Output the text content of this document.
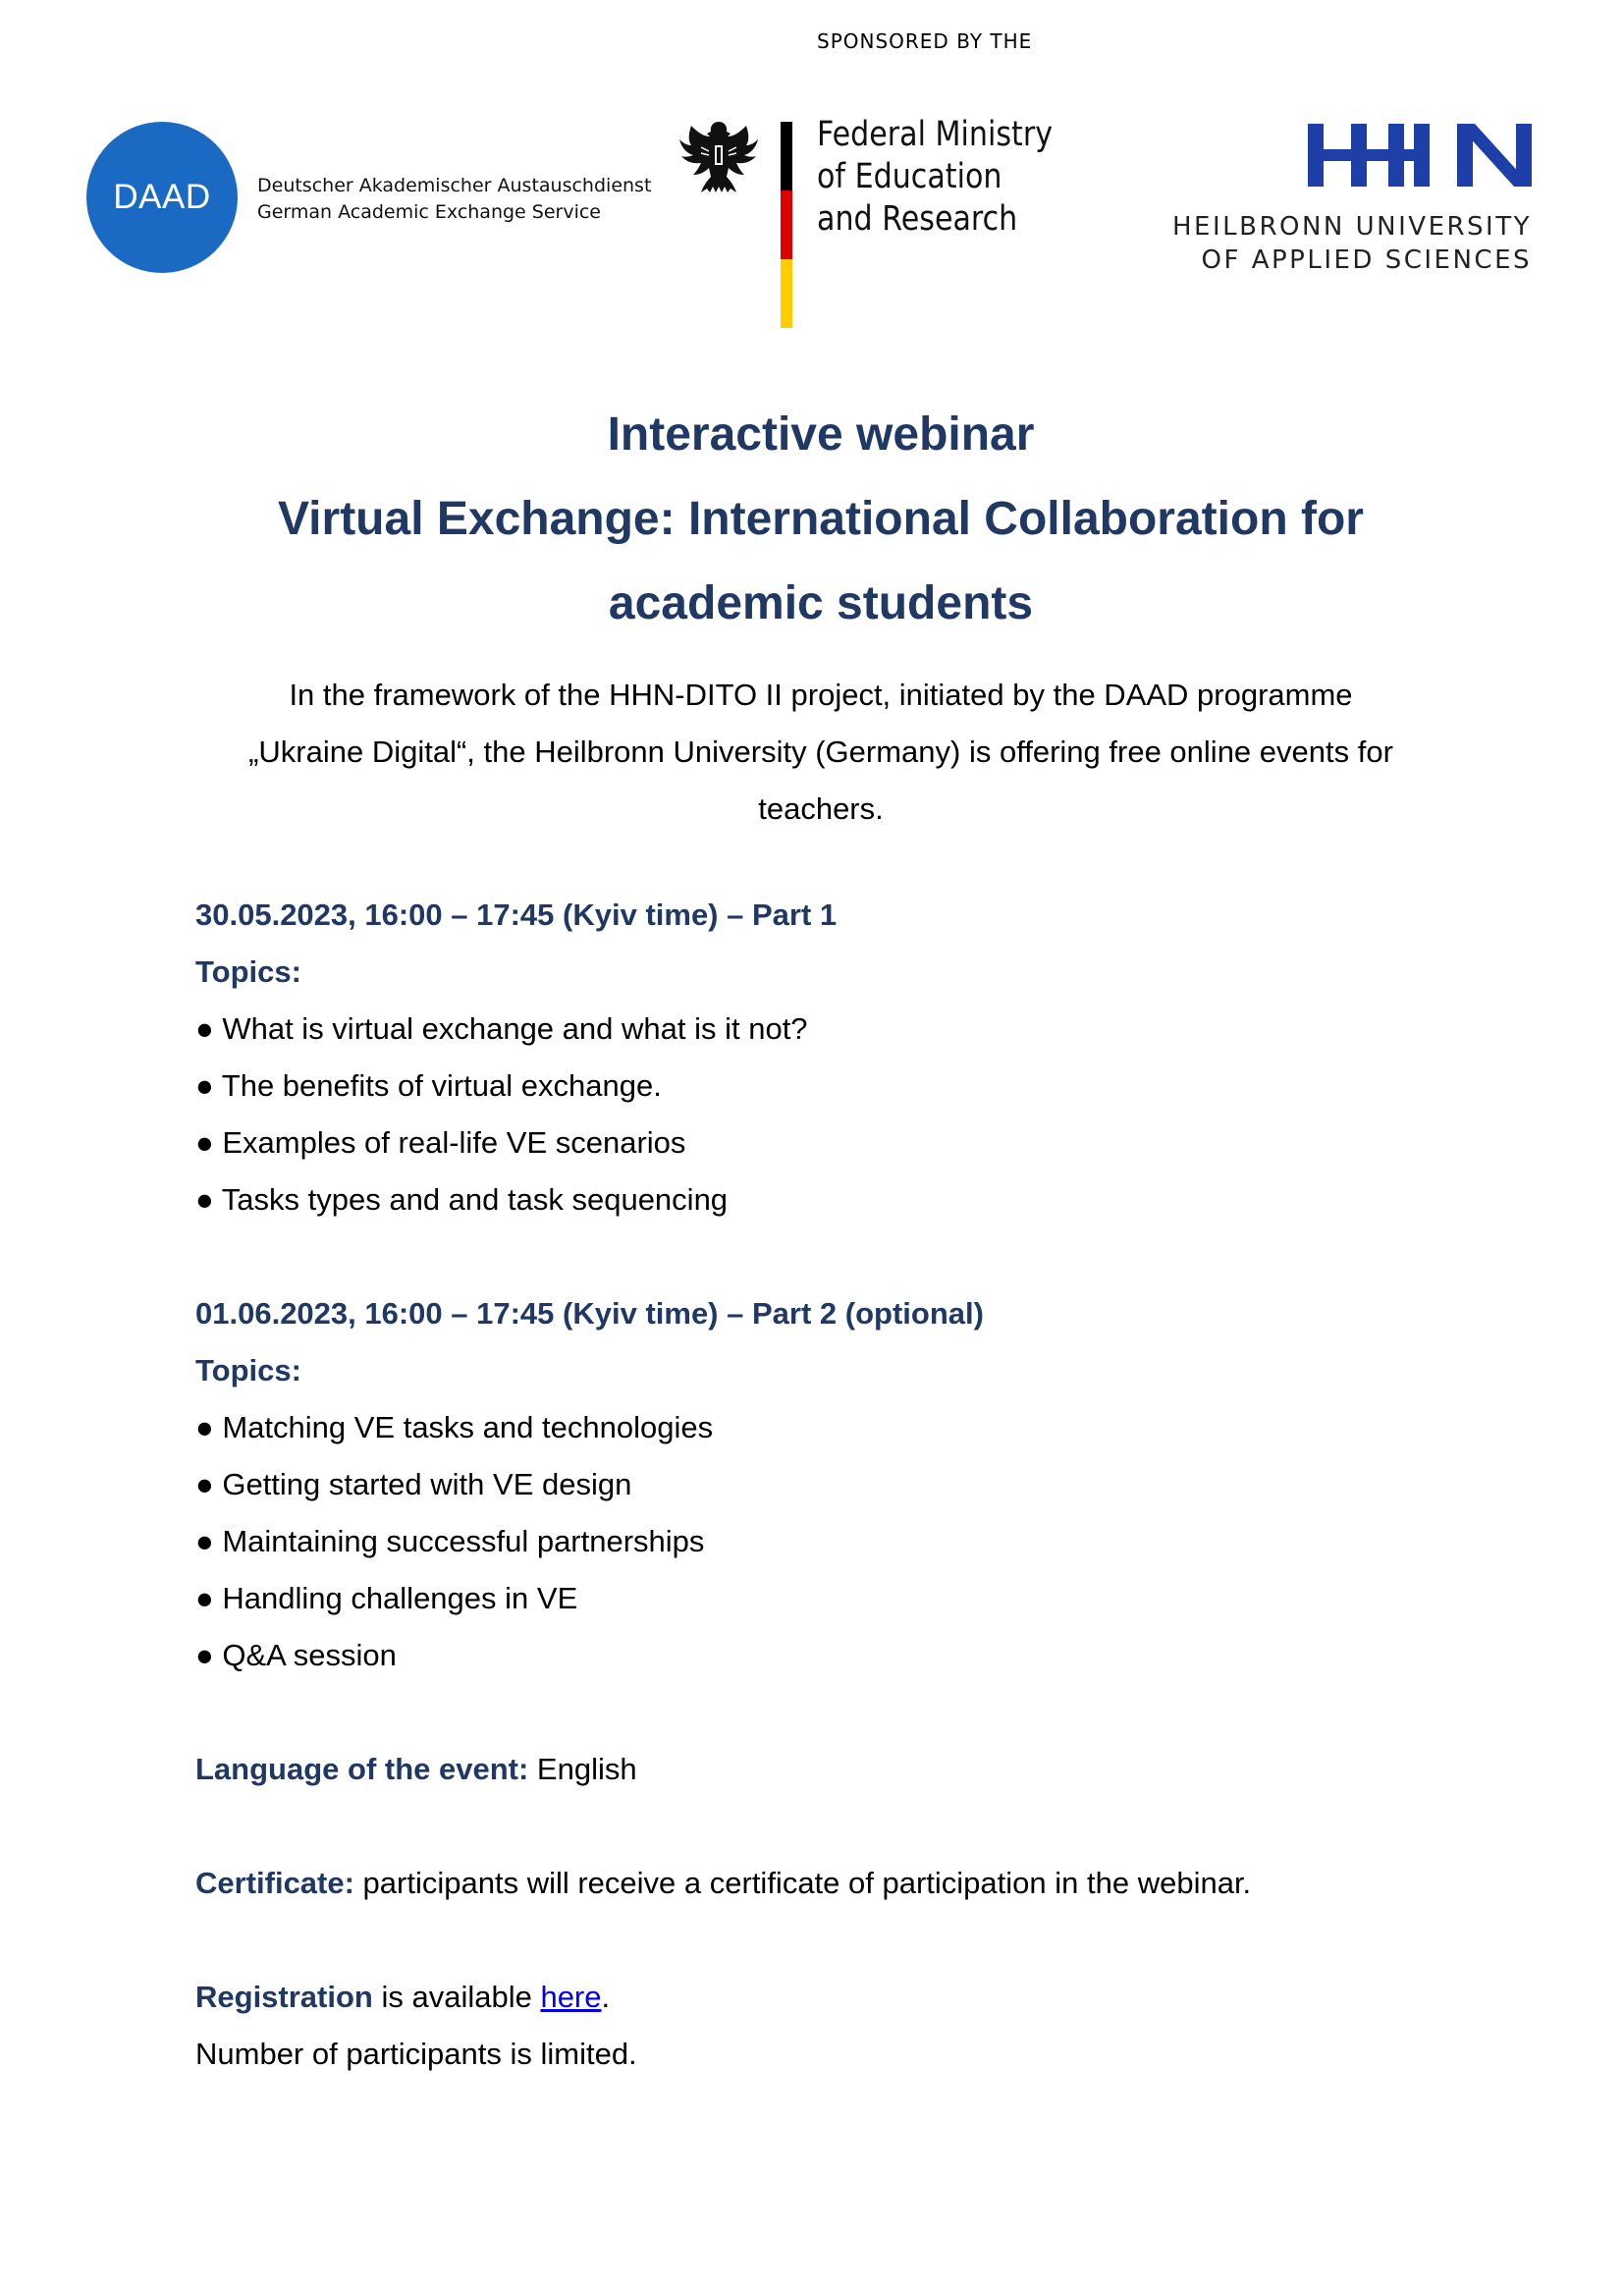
SPONSORED BY THE
DAAD Deutscher Akademischer Austauschdienst
German Academic Exchange Service
Federal Ministry
of Education
and Research	HEILBRONN UNIVERSITY
OF APPLIED SCIENCES
Interactive webinar
Virtual Exchange: International Collaboration for
academic students
In the framework of the HHN-DITO II project, initiated by the DAAD programme
„Ukraine Digital“, the Heilbronn University (Germany) is offering free online events for
teachers.

30.05.2023, 16:00 – 17:45 (Kyiv time) – Part 1

Topics:

● What is virtual exchange and what is it not?

● The benefits of virtual exchange.

● Examples of real-life VE scenarios

● Tasks types and and task sequencing

01.06.2023, 16:00 – 17:45 (Kyiv time) – Part 2 (optional)

Topics:

● Matching VE tasks and technologies

● Getting started with VE design

● Maintaining successful partnerships

● Handling challenges in VE

● Q&A session

Language of the event: English

Certificate: participants will receive a certificate of participation in the webinar.

Registration is available here.

Number of participants is limited.
